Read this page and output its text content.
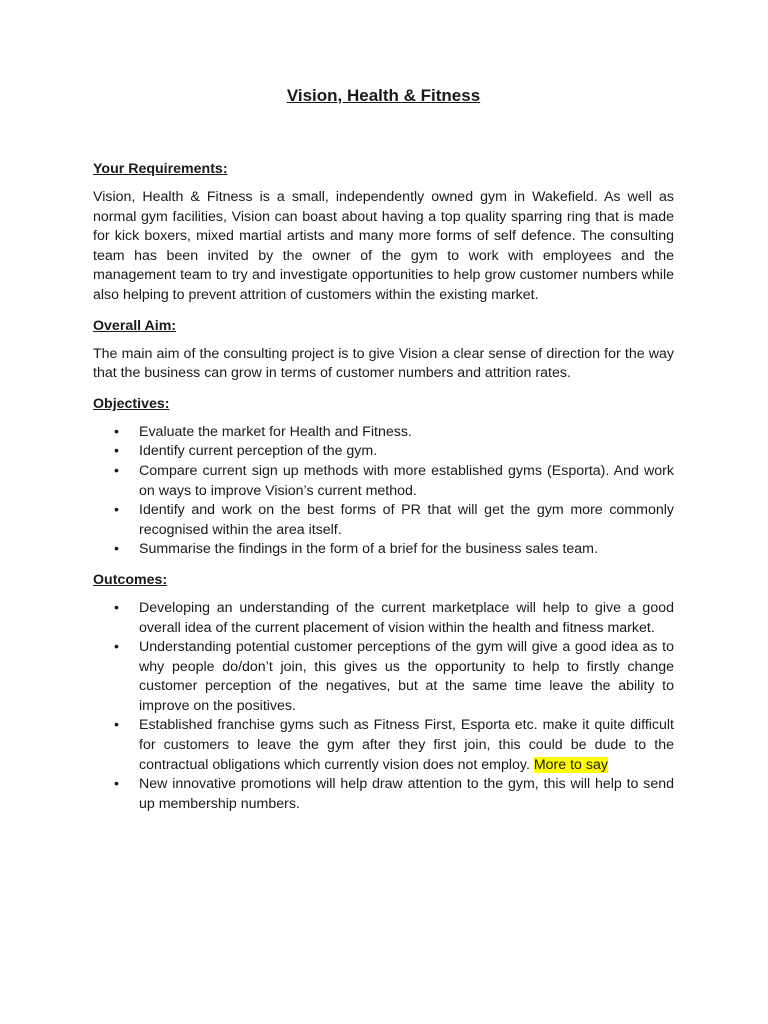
Vision, Health & Fitness
Your Requirements:
Vision, Health & Fitness is a small, independently owned gym in Wakefield. As well as normal gym facilities, Vision can boast about having a top quality sparring ring that is made for kick boxers, mixed martial artists and many more forms of self defence. The consulting team has been invited by the owner of the gym to work with employees and the management team to try and investigate opportunities to help grow customer numbers while also helping to prevent attrition of customers within the existing market.
Overall Aim:
The main aim of the consulting project is to give Vision a clear sense of direction for the way that the business can grow in terms of customer numbers and attrition rates.
Objectives:
• Evaluate the market for Health and Fitness.
• Identify current perception of the gym.
• Compare current sign up methods with more established gyms (Esporta). And work on ways to improve Vision’s current method.
• Identify and work on the best forms of PR that will get the gym more commonly recognised within the area itself.
• Summarise the findings in the form of a brief for the business sales team.
Outcomes:
• Developing an understanding of the current marketplace will help to give a good overall idea of the current placement of vision within the health and fitness market.
• Understanding potential customer perceptions of the gym will give a good idea as to why people do/don’t join, this gives us the opportunity to help to firstly change customer perception of the negatives, but at the same time leave the ability to improve on the positives.
• Established franchise gyms such as Fitness First, Esporta etc. make it quite difficult for customers to leave the gym after they first join, this could be dude to the contractual obligations which currently vision does not employ. More to say
• New innovative promotions will help draw attention to the gym, this will help to send up membership numbers.
